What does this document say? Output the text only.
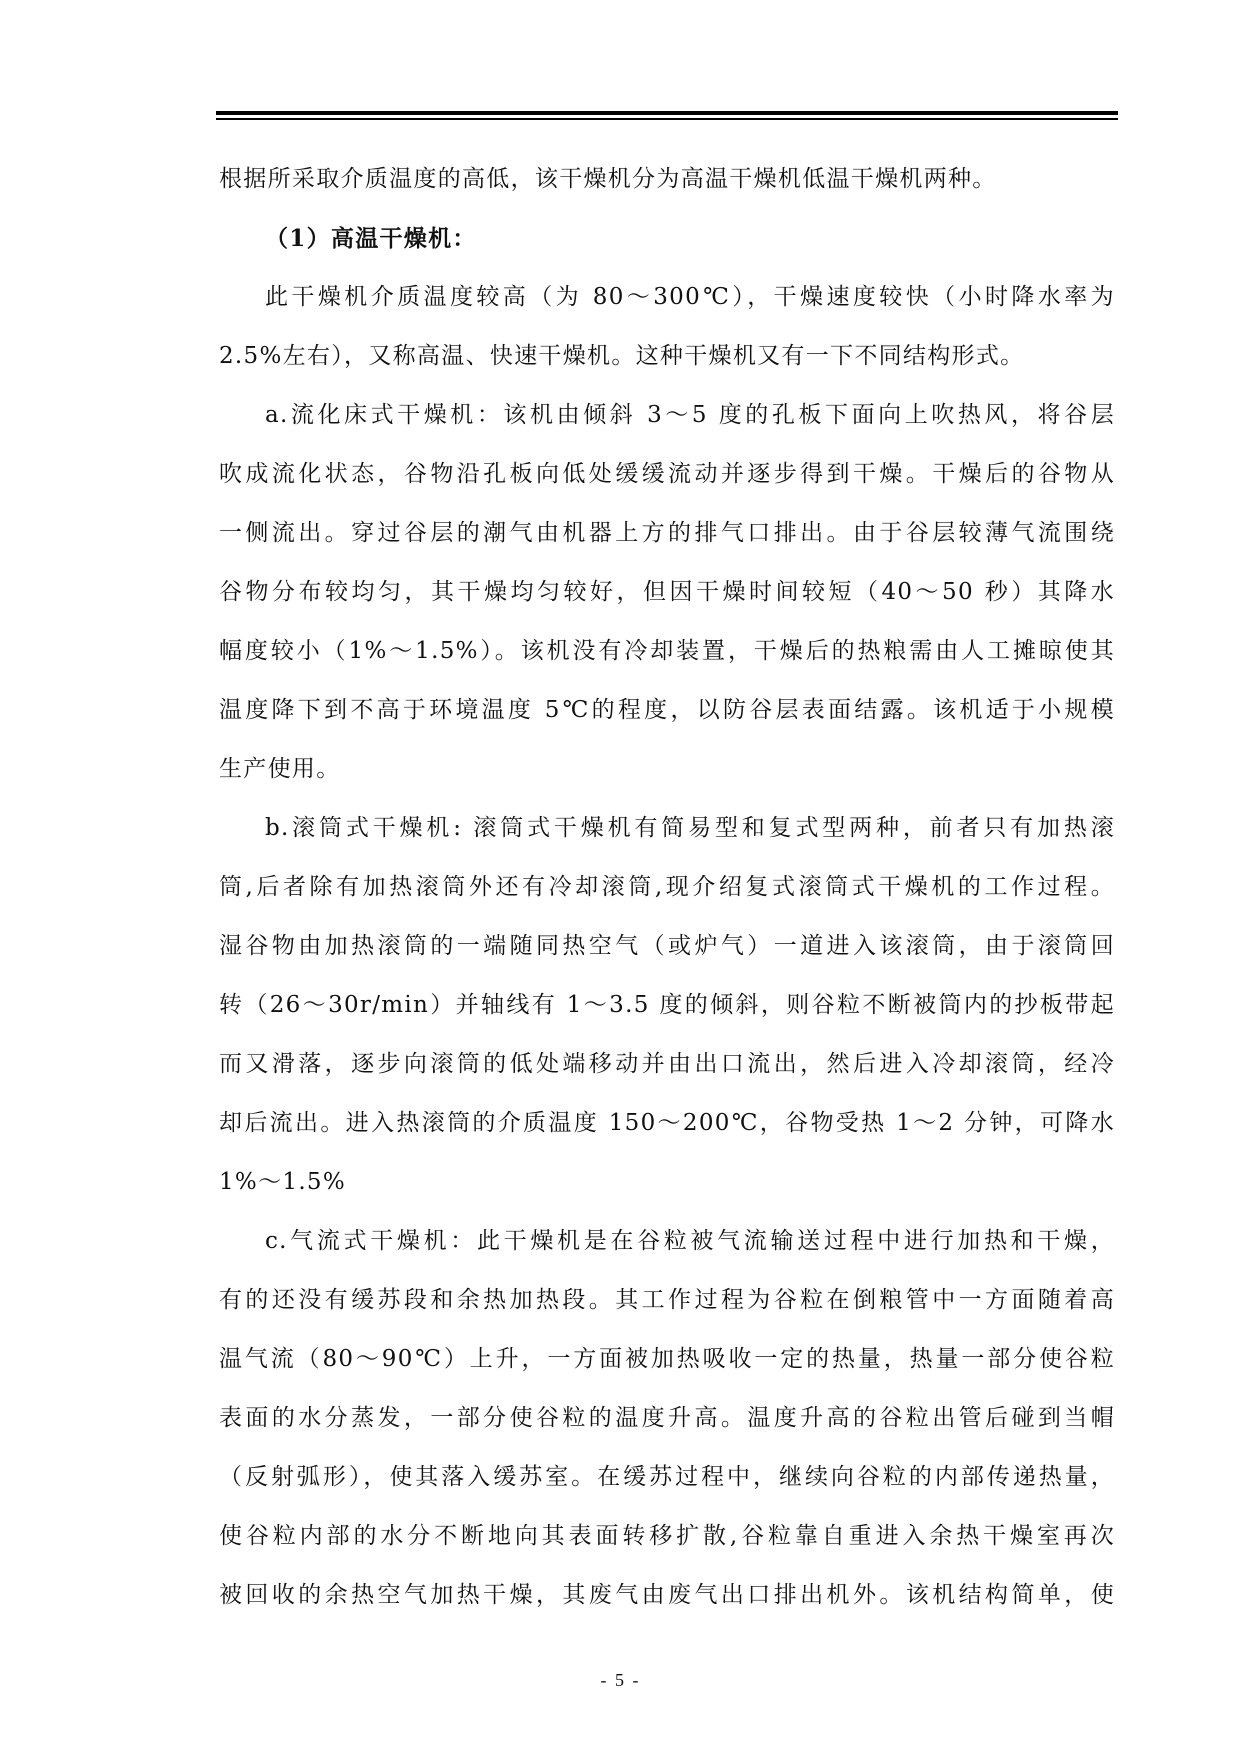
根据所采取介质温度的高低，该干燥机分为高温干燥机低温干燥机两种。
（1）高温干燥机：
此干燥机介质温度较高（为 80～300℃），干燥速度较快（小时降水率为
2.5%左右），又称高温、快速干燥机。这种干燥机又有一下不同结构形式。
a.流化床式干燥机：该机由倾斜 3～5 度的孔板下面向上吹热风，将谷层
吹成流化状态，谷物沿孔板向低处缓缓流动并逐步得到干燥。干燥后的谷物从
一侧流出。穿过谷层的潮气由机器上方的排气口排出。由于谷层较薄气流围绕
谷物分布较均匀，其干燥均匀较好，但因干燥时间较短（40～50 秒）其降水
幅度较小（1%～1.5%）。该机没有冷却装置，干燥后的热粮需由人工摊晾使其
温度降下到不高于环境温度 5℃的程度，以防谷层表面结露。该机适于小规模
生产使用。
b.滚筒式干燥机: 滚筒式干燥机有简易型和复式型两种，前者只有加热滚
筒,后者除有加热滚筒外还有冷却滚筒,现介绍复式滚筒式干燥机的工作过程。
湿谷物由加热滚筒的一端随同热空气（或炉气）一道进入该滚筒，由于滚筒回
转（26～30r/min）并轴线有 1～3.5 度的倾斜，则谷粒不断被筒内的抄板带起
而又滑落，逐步向滚筒的低处端移动并由出口流出，然后进入冷却滚筒，经冷
却后流出。进入热滚筒的介质温度 150～200℃，谷物受热 1～2 分钟，可降水
1%～1.5%
c.气流式干燥机：此干燥机是在谷粒被气流输送过程中进行加热和干燥，
有的还没有缓苏段和余热加热段。其工作过程为谷粒在倒粮管中一方面随着高
温气流（80～90℃）上升，一方面被加热吸收一定的热量，热量一部分使谷粒
表面的水分蒸发，一部分使谷粒的温度升高。温度升高的谷粒出管后碰到当帽
（反射弧形），使其落入缓苏室。在缓苏过程中，继续向谷粒的内部传递热量，
使谷粒内部的水分不断地向其表面转移扩散,谷粒靠自重进入余热干燥室再次
被回收的余热空气加热干燥，其废气由废气出口排出机外。该机结构简单，使
- 5 -
